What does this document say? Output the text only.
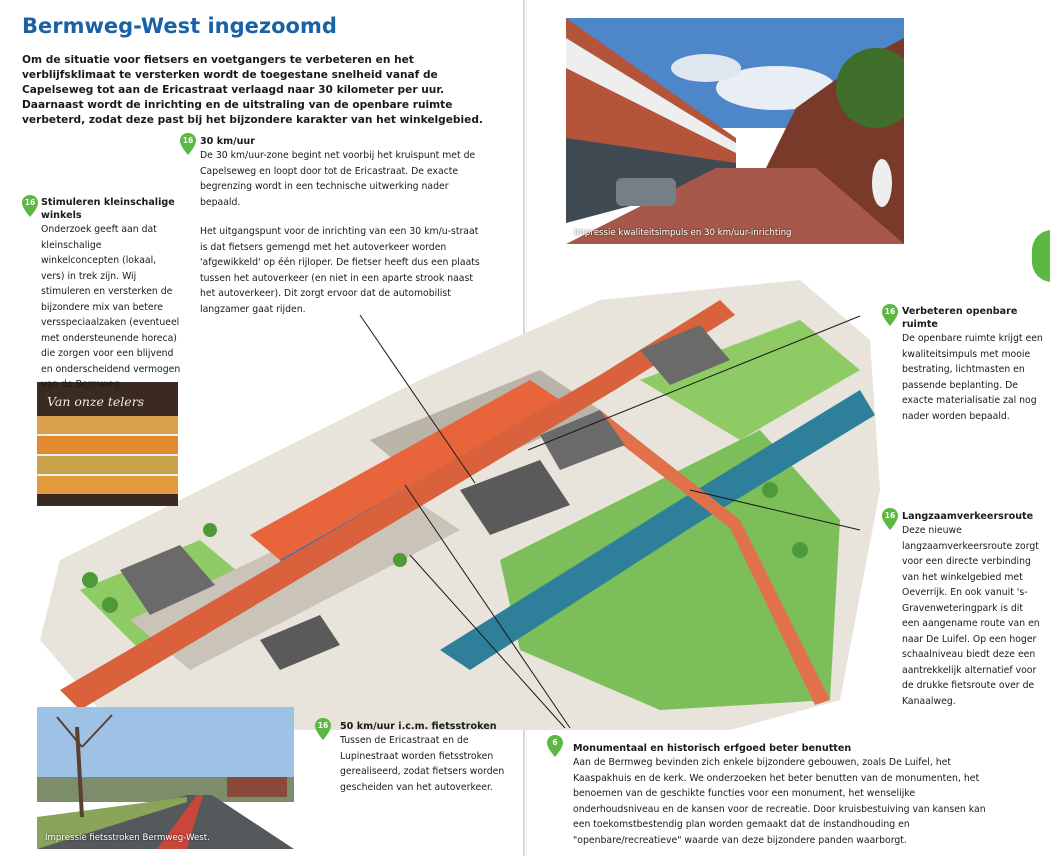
Bermweg-West ingezoomd

Om de situatie voor fietsers en voetgangers te verbeteren en het verblijfsklimaat te versterken wordt de toegestane snelheid vanaf de Capelseweg tot aan de Ericastraat verlaagd naar 30 kilometer per uur. Daarnaast wordt de inrichting en de uitstraling van de openbare ruimte verbeterd, zodat deze past bij het bijzondere karakter van het winkelgebied.

Impressie kwaliteitsimpuls en 30 km/uur-inrichting
Van onze telers
Impressie fietsstroken Bermweg-West.
16
16
16
16
16
6
30 km/uur

De 30 km/uur-zone begint net voorbij het kruispunt met de Capelseweg en loopt door tot de Ericastraat. De exacte begrenzing wordt in een technische uitwerking nader bepaald.

Het uitgangspunt voor de inrichting van een 30 km/u-straat is dat fietsers gemengd met het autoverkeer worden 'afgewikkeld' op één rijloper. De fietser heeft dus een plaats tussen het autoverkeer (en niet in een aparte strook naast het autoverkeer). Dit zorgt ervoor dat de automobilist langzamer gaat rijden.

Stimuleren kleinschalige winkels

Onderzoek geeft aan dat kleinschalige winkelconcepten (lokaal, vers) in trek zijn. Wij stimuleren en versterken de bijzondere mix van betere versspeciaalzaken (eventueel met ondersteunende horeca) die zorgen voor een blijvend en onderscheidend vermogen van de Bermweg.

Verbeteren openbare ruimte

De openbare ruimte krijgt een kwaliteitsimpuls met mooie bestrating, lichtmasten en passende beplanting. De exacte materialisatie zal nog nader worden bepaald.

Langzaamverkeersroute

Deze nieuwe langzaamverkeersroute zorgt voor een directe verbinding van het winkelgebied met Oeverrijk. En ook vanuit 's-Gravenweteringpark is dit een aangename route van en naar De Luifel. Op een hoger schaalniveau biedt deze een aantrekkelijk alternatief voor de drukke fietsroute over de Kanaalweg.

50 km/uur i.c.m. fietsstroken

Tussen de Ericastraat en de Lupinestraat worden fietsstroken gerealiseerd, zodat fietsers worden gescheiden van het autoverkeer.

Monumentaal en historisch erfgoed beter benutten

Aan de Bermweg bevinden zich enkele bijzondere gebouwen, zoals De Luifel, het Kaaspakhuis en de kerk. We onderzoeken het beter benutten van de monumenten, het benoemen van de geschikte functies voor een monument, het wenselijke onderhoudsniveau en de kansen voor de recreatie. Door kruisbestuiving van kansen kan een toekomstbestendig plan worden gemaakt dat de instandhouding en "openbare/recreatieve" waarde van deze bijzondere panden waarborgt.
